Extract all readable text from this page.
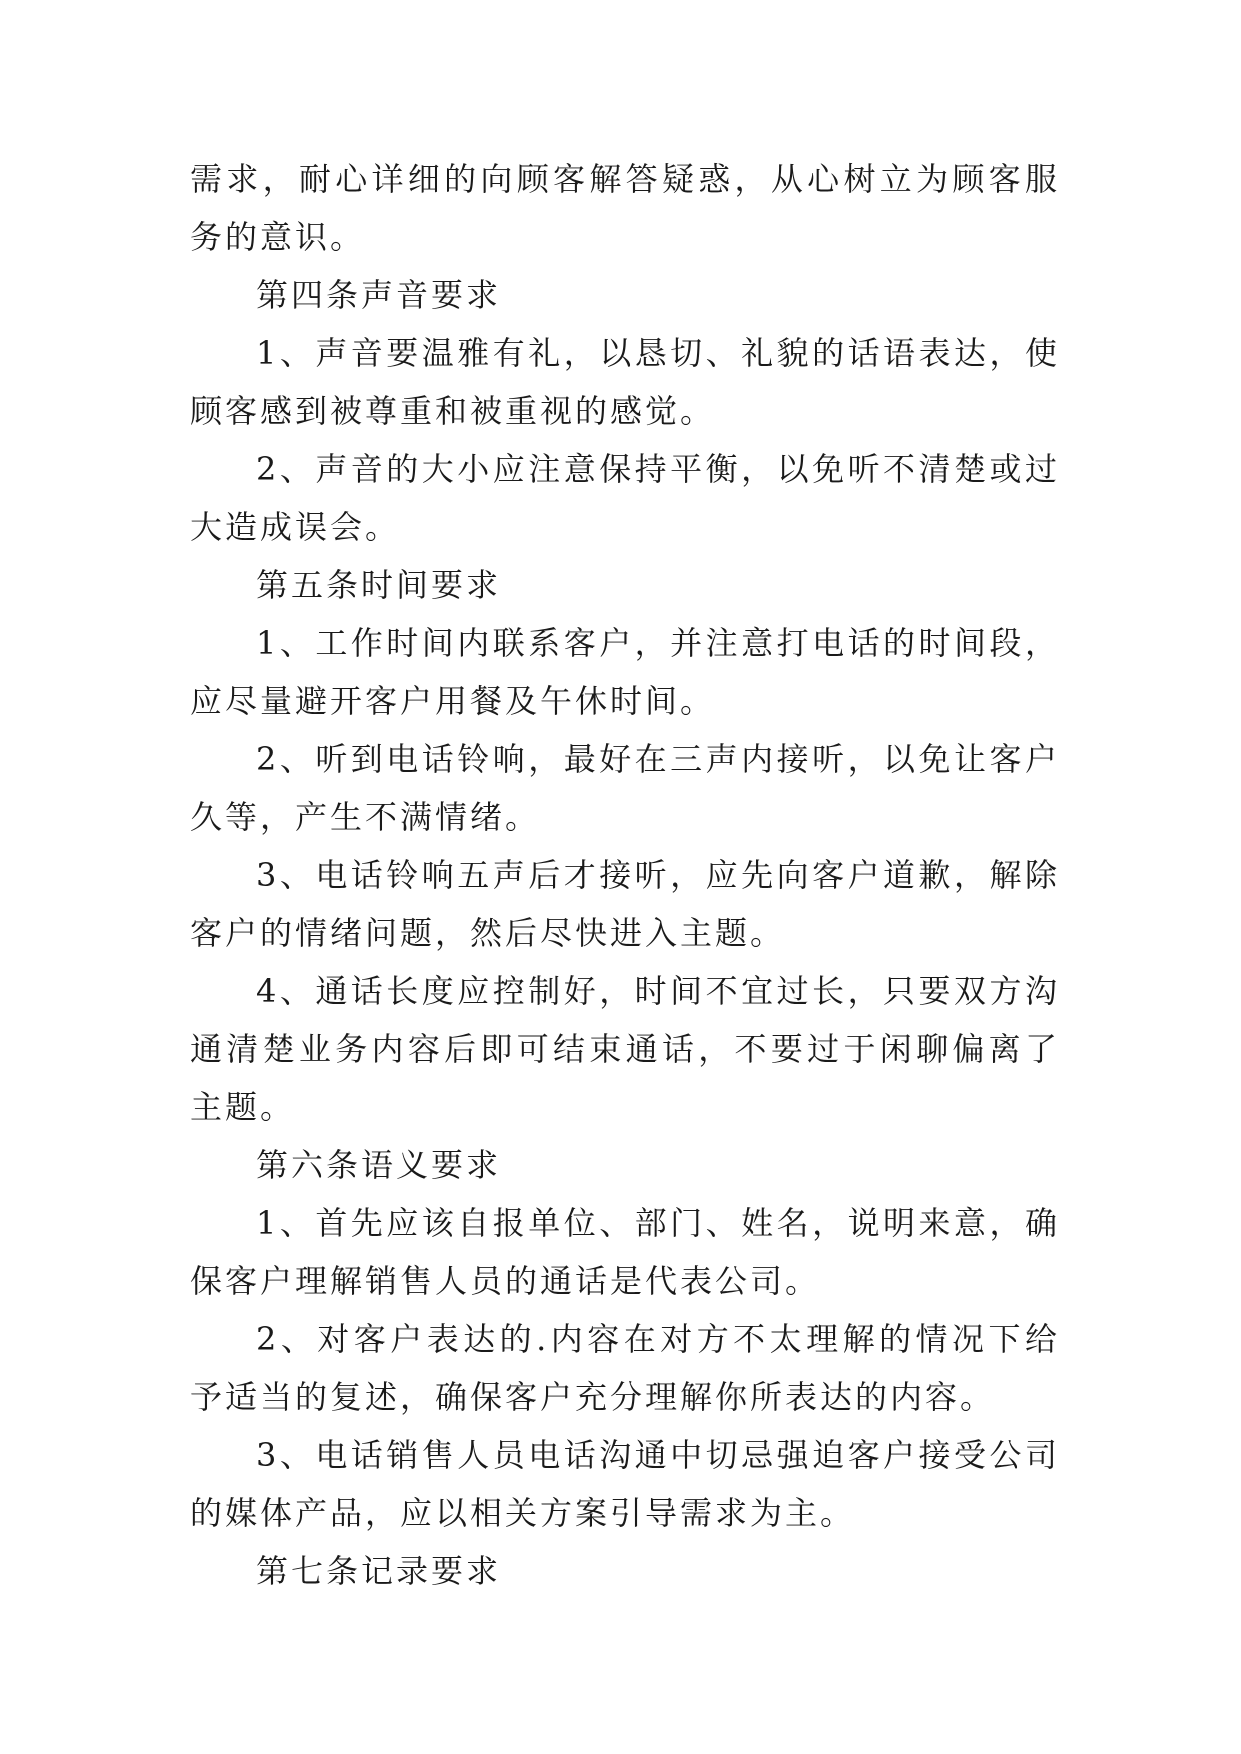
需求，耐心详细的向顾客解答疑惑，从心树立为顾客服务的意识。

第四条声音要求

1、声音要温雅有礼，以恳切、礼貌的话语表达，使顾客感到被尊重和被重视的感觉。

2、声音的大小应注意保持平衡，以免听不清楚或过大造成误会。

第五条时间要求

1、工作时间内联系客户，并注意打电话的时间段，应尽量避开客户用餐及午休时间。

2、听到电话铃响，最好在三声内接听，以免让客户久等，产生不满情绪。

3、电话铃响五声后才接听，应先向客户道歉，解除客户的情绪问题，然后尽快进入主题。

4、通话长度应控制好，时间不宜过长，只要双方沟通清楚业务内容后即可结束通话，不要过于闲聊偏离了主题。

第六条语义要求

1、首先应该自报单位、部门、姓名，说明来意，确保客户理解销售人员的通话是代表公司。

2、对客户表达的.内容在对方不太理解的情况下给予适当的复述，确保客户充分理解你所表达的内容。

3、电话销售人员电话沟通中切忌强迫客户接受公司的媒体产品，应以相关方案引导需求为主。

第七条记录要求
